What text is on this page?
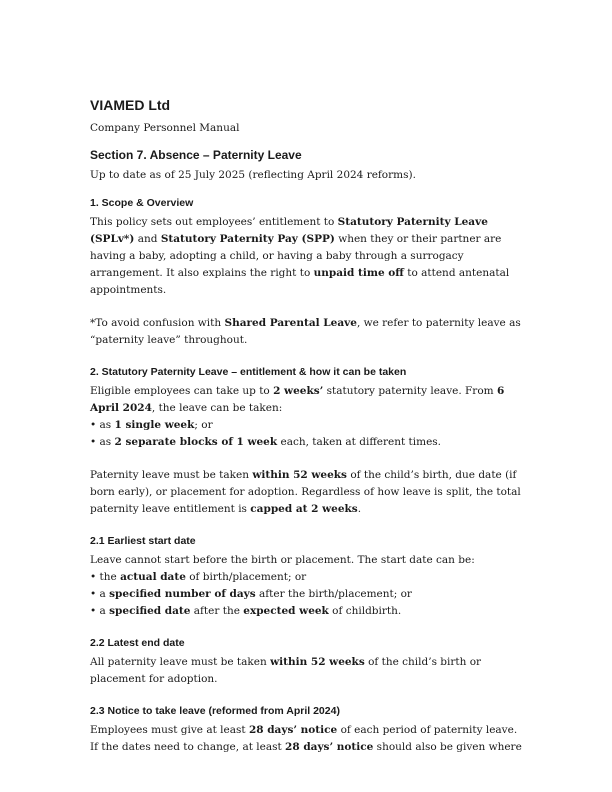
VIAMED Ltd
Company Personnel Manual
Section 7. Absence – Paternity Leave
Up to date as of 25 July 2025 (reflecting April 2024 reforms).
1. Scope & Overview
This policy sets out employees’ entitlement to Statutory Paternity Leave (SPLv*) and Statutory Paternity Pay (SPP) when they or their partner are having a baby, adopting a child, or having a baby through a surrogacy arrangement. It also explains the right to unpaid time off to attend antenatal appointments.
*To avoid confusion with Shared Parental Leave, we refer to paternity leave as “paternity leave” throughout.
2. Statutory Paternity Leave – entitlement & how it can be taken
Eligible employees can take up to 2 weeks’ statutory paternity leave. From 6 April 2024, the leave can be taken:
• as 1 single week; or
• as 2 separate blocks of 1 week each, taken at different times.
Paternity leave must be taken within 52 weeks of the child’s birth, due date (if born early), or placement for adoption. Regardless of how leave is split, the total paternity leave entitlement is capped at 2 weeks.
2.1 Earliest start date
Leave cannot start before the birth or placement. The start date can be:
• the actual date of birth/placement; or
• a specified number of days after the birth/placement; or
• a specified date after the expected week of childbirth.
2.2 Latest end date
All paternity leave must be taken within 52 weeks of the child’s birth or placement for adoption.
2.3 Notice to take leave (reformed from April 2024)
Employees must give at least 28 days’ notice of each period of paternity leave. If the dates need to change, at least 28 days’ notice should also be given where
